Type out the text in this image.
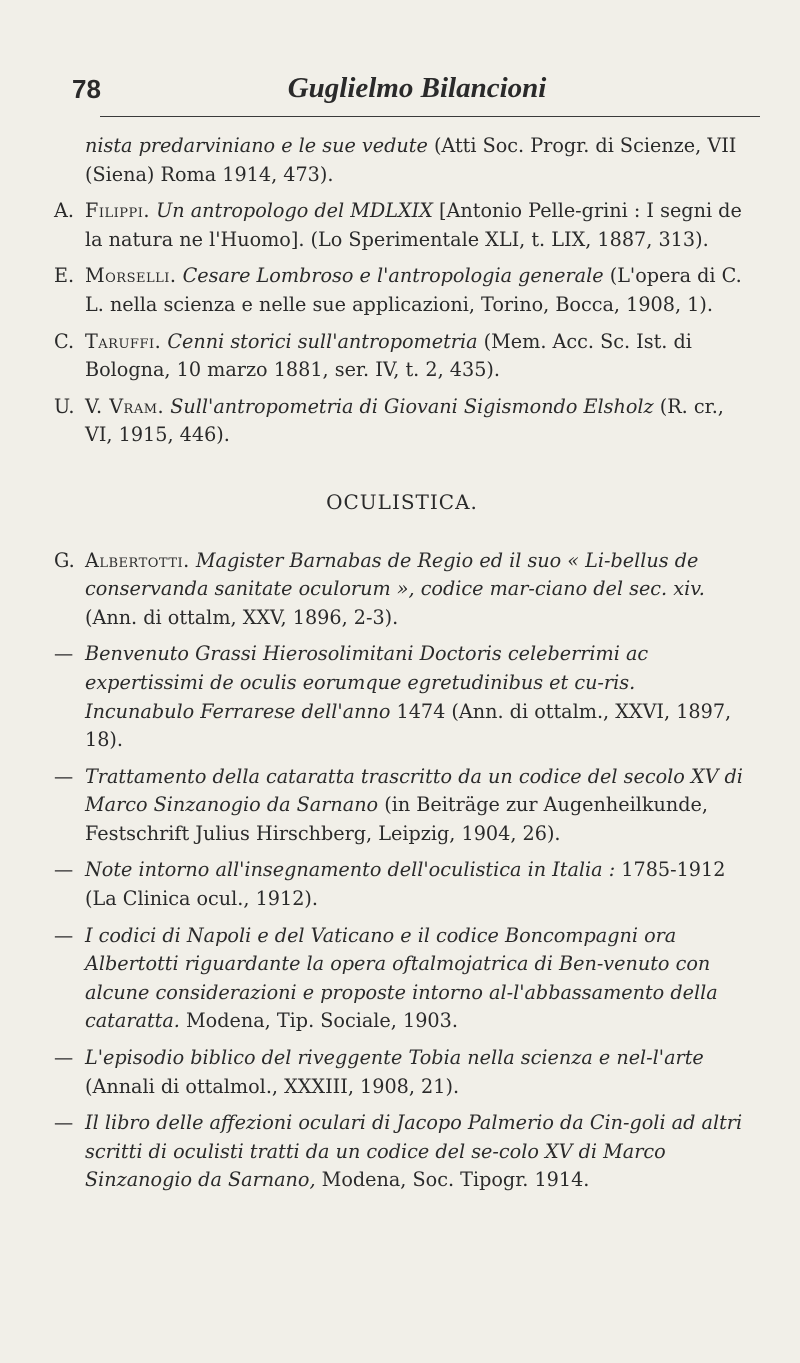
78	Guglielmo Bilancioni
nista predarviniano e le sue vedute (Atti Soc. Progr. di Scienze, VII (Siena) Roma 1914, 473).
A. Filippi. Un antropologo del MDLXIX [Antonio Pelle-grini : I segni de la natura ne l'Huomo]. (Lo Sperimentale XLI, t. LIX, 1887, 313).
E. Morselli. Cesare Lombroso e l'antropologia generale (L'opera di C. L. nella scienza e nelle sue applicazioni, Torino, Bocca, 1908, 1).
C. Taruffi. Cenni storici sull'antropometria (Mem. Acc. Sc. Ist. di Bologna, 10 marzo 1881, ser. IV, t. 2, 435).
U. V. Vram. Sull'antropometria di Giovani Sigismondo Elsholz (R. cr., VI, 1915, 446).
OCULISTICA.
G. Albertotti. Magister Barnabas de Regio ed il suo « Li-bellus de conservanda sanitate oculorum », codice mar-ciano del sec. xiv. (Ann. di ottalm, XXV, 1896, 2-3).
— Benvenuto Grassi Hierosolimitani Doctoris celeberrimi ac expertissimi de oculis eorumque egretudinibus et cu-ris. Incunabulo Ferrarese dell'anno 1474 (Ann. di ottalm., XXVI, 1897, 18).
— Trattamento della cataratta trascritto da un codice del secolo XV di Marco Sinzanogio da Sarnano (in Beiträge zur Augenheilkunde, Festschrift Julius Hirschberg, Leipzig, 1904, 26).
— Note intorno all'insegnamento dell'oculistica in Italia : 1785-1912 (La Clinica ocul., 1912).
— I codici di Napoli e del Vaticano e il codice Boncompagni ora Albertotti riguardante la opera oftalmojatrica di Ben-venuto con alcune considerazioni e proposte intorno al-l'abbassamento della cataratta. Modena, Tip. Sociale, 1903.
— L'episodio biblico del riveggente Tobia nella scienza e nel-l'arte (Annali di ottalmol., XXXIII, 1908, 21).
— Il libro delle affezioni oculari di Jacopo Palmerio da Cin-goli ad altri scritti di oculisti tratti da un codice del se-colo XV di Marco Sinzanogio da Sarnano, Modena, Soc. Tipogr. 1914.
